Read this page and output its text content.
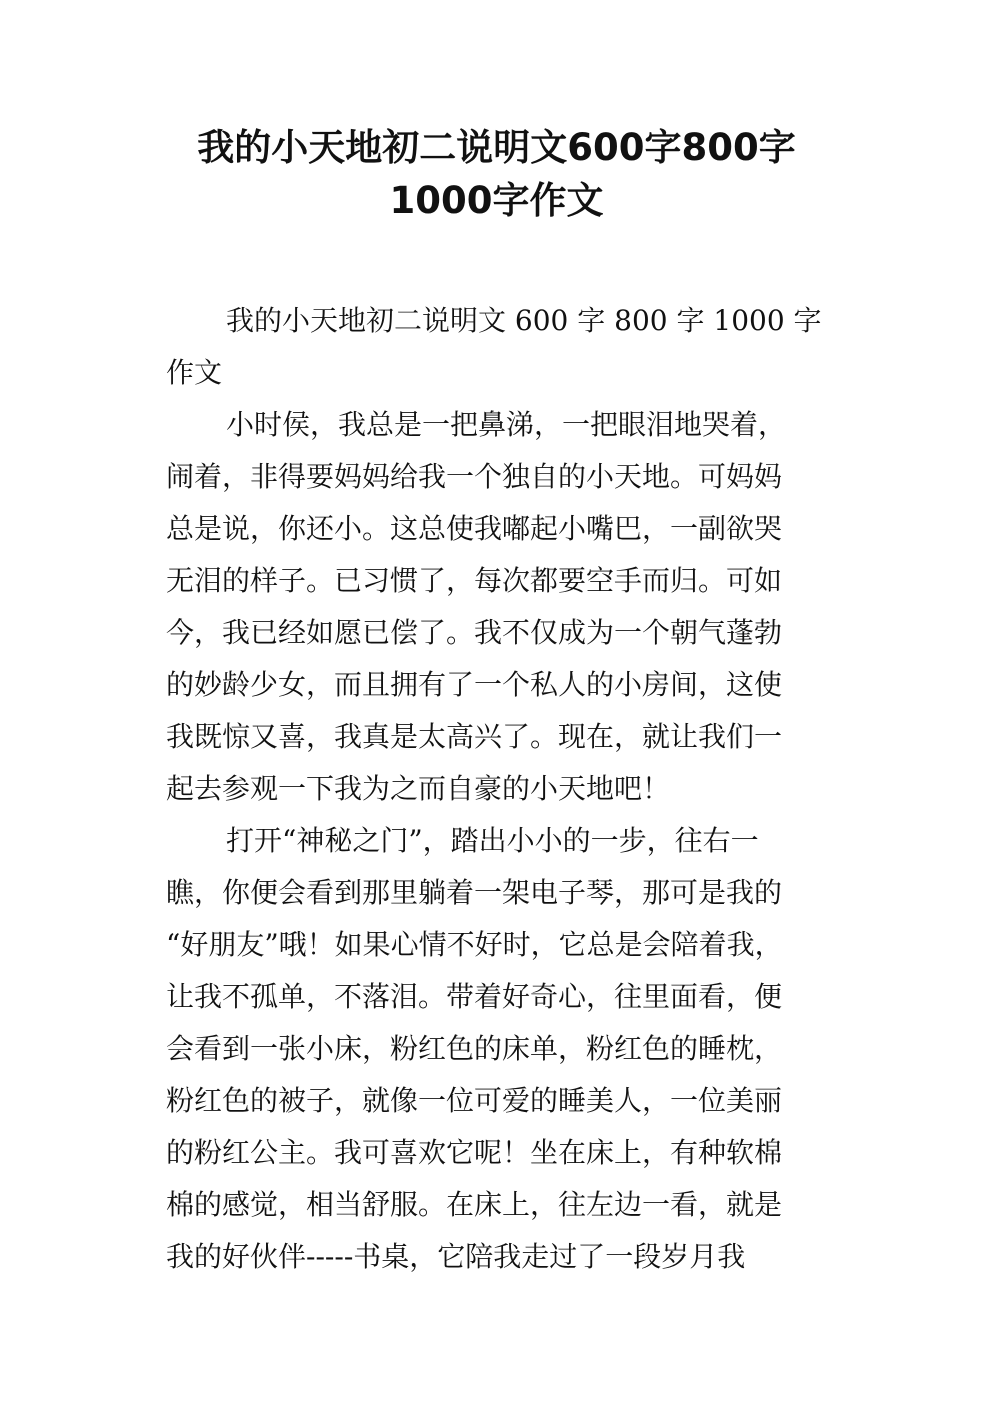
我的小天地初二说明文600字800字
1000字作文
我的小天地初二说明文 600 字 800 字 1000 字
作文
小时侯，我总是一把鼻涕，一把眼泪地哭着，
闹着，非得要妈妈给我一个独自的小天地。可妈妈
总是说，你还小。这总使我嘟起小嘴巴，一副欲哭
无泪的样子。已习惯了，每次都要空手而归。可如
今，我已经如愿已偿了。我不仅成为一个朝气蓬勃
的妙龄少女，而且拥有了一个私人的小房间，这使
我既惊又喜，我真是太高兴了。现在，就让我们一
起去参观一下我为之而自豪的小天地吧！
打开“神秘之门”，踏出小小的一步，往右一
瞧，你便会看到那里躺着一架电子琴，那可是我的
“好朋友”哦！如果心情不好时，它总是会陪着我，
让我不孤单，不落泪。带着好奇心，往里面看，便
会看到一张小床，粉红色的床单，粉红色的睡枕，
粉红色的被子，就像一位可爱的睡美人，一位美丽
的粉红公主。我可喜欢它呢！坐在床上，有种软棉
棉的感觉，相当舒服。在床上，往左边一看，就是
我的好伙伴-----书桌，它陪我走过了一段岁月我
